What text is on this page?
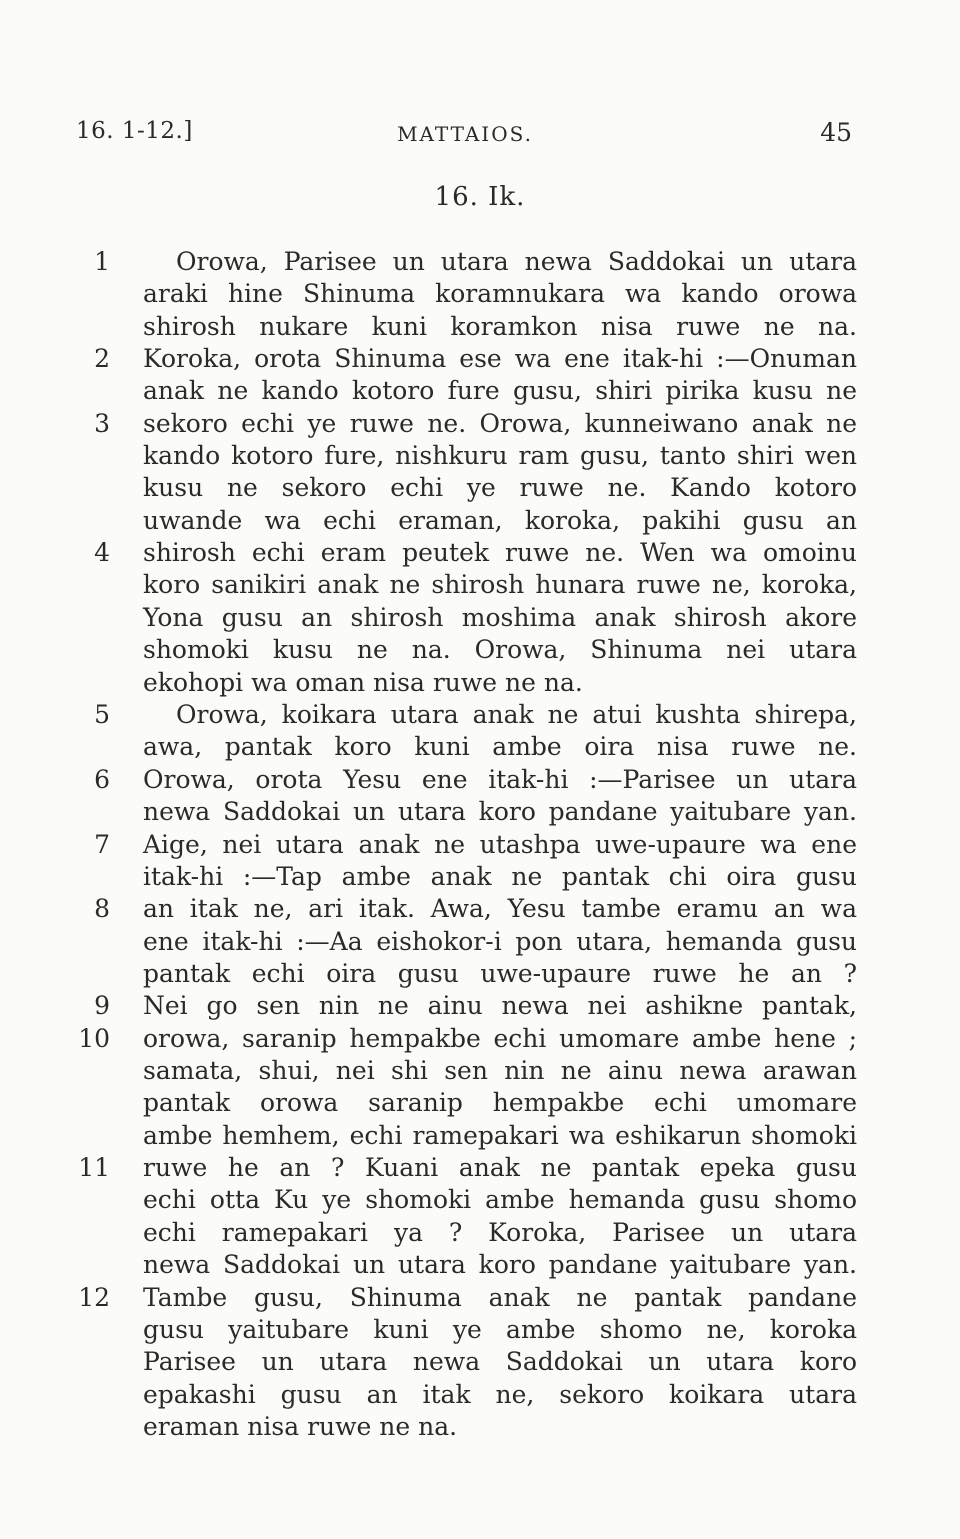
16. 1-12.]	MATTAIOS.	45
16. Ik.
1
2
3
4
5
6
7
8
9
10
11
12
Orowa, Parisee un utara newa Saddokai un utara
araki hine Shinuma koramnukara wa kando orowa
shirosh nukare kuni koramkon nisa ruwe ne na.
Koroka, orota Shinuma ese wa ene itak-hi :—Onuman
anak ne kando kotoro fure gusu, shiri pirika kusu ne
sekoro echi ye ruwe ne. Orowa, kunneiwano anak ne
kando kotoro fure, nishkuru ram gusu, tanto shiri wen
kusu ne sekoro echi ye ruwe ne. Kando kotoro
uwande wa echi eraman, koroka, pakihi gusu an
shirosh echi eram peutek ruwe ne. Wen wa omoinu
koro sanikiri anak ne shirosh hunara ruwe ne, koroka,
Yona gusu an shirosh moshima anak shirosh akore
shomoki kusu ne na. Orowa, Shinuma nei utara
ekohopi wa oman nisa ruwe ne na.
Orowa, koikara utara anak ne atui kushta shirepa,
awa, pantak koro kuni ambe oira nisa ruwe ne.
Orowa, orota Yesu ene itak-hi :—Parisee un utara
newa Saddokai un utara koro pandane yaitubare yan.
Aige, nei utara anak ne utashpa uwe-upaure wa ene
itak-hi :—Tap ambe anak ne pantak chi oira gusu
an itak ne, ari itak. Awa, Yesu tambe eramu an wa
ene itak-hi :—Aa eishokor-i pon utara, hemanda gusu
pantak echi oira gusu uwe-upaure ruwe he an ?
Nei go sen nin ne ainu newa nei ashikne pantak,
orowa, saranip hempakbe echi umomare ambe hene ;
samata, shui, nei shi sen nin ne ainu newa arawan
pantak orowa saranip hempakbe echi umomare
ambe hemhem, echi ramepakari wa eshikarun shomoki
ruwe he an ? Kuani anak ne pantak epeka gusu
echi otta Ku ye shomoki ambe hemanda gusu shomo
echi ramepakari ya ? Koroka, Parisee un utara
newa Saddokai un utara koro pandane yaitubare yan.
Tambe gusu, Shinuma anak ne pantak pandane
gusu yaitubare kuni ye ambe shomo ne, koroka
Parisee un utara newa Saddokai un utara koro
epakashi gusu an itak ne, sekoro koikara utara
eraman nisa ruwe ne na.
